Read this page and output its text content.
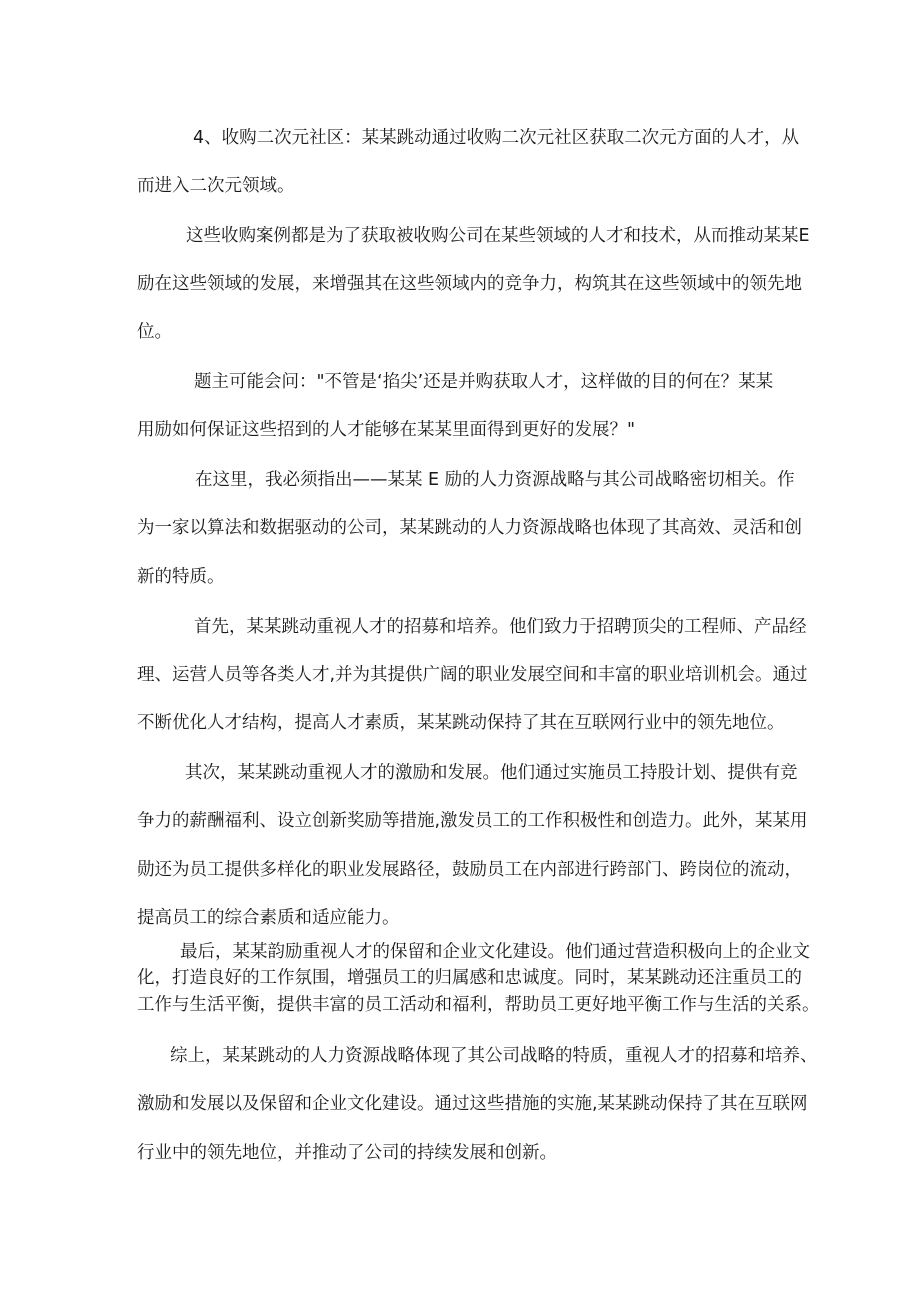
4、收购二次元社区：某某跳动通过收购二次元社区获取二次元方面的人才，从
而进入二次元领域。
这些收购案例都是为了获取被收购公司在某些领域的人才和技术，从而推动某某E
励在这些领域的发展，来增强其在这些领域内的竞争力，构筑其在这些领域中的领先地
位。
题主可能会问："不管是‘掐尖’还是并购获取人才，这样做的目的何在？某某
用励如何保证这些招到的人才能够在某某里面得到更好的发展？"
在这里，我必须指出——某某 E 励的人力资源战略与其公司战略密切相关。作
为一家以算法和数据驱动的公司，某某跳动的人力资源战略也体现了其高效、灵活和创
新的特质。
首先，某某跳动重视人才的招募和培养。他们致力于招聘顶尖的工程师、产品经
理、运营人员等各类人才,并为其提供广阔的职业发展空间和丰富的职业培训机会。通过
不断优化人才结构，提高人才素质，某某跳动保持了其在互联网行业中的领先地位。
其次，某某跳动重视人才的激励和发展。他们通过实施员工持股计划、提供有竞
争力的薪酬福利、设立创新奖励等措施,激发员工的工作积极性和创造力。此外，某某用
勋还为员工提供多样化的职业发展路径，鼓励员工在内部进行跨部门、跨岗位的流动，
提高员工的综合素质和适应能力。
最后，某某韵励重视人才的保留和企业文化建设。他们通过营造积极向上的企业文
化，打造良好的工作氛围，增强员工的归属感和忠诚度。同时，某某跳动还注重员工的
工作与生活平衡，提供丰富的员工活动和福利，帮助员工更好地平衡工作与生活的关系。
综上，某某跳动的人力资源战略体现了其公司战略的特质，重视人才的招募和培养、
激励和发展以及保留和企业文化建设。通过这些措施的实施,某某跳动保持了其在互联网
行业中的领先地位，并推动了公司的持续发展和创新。
